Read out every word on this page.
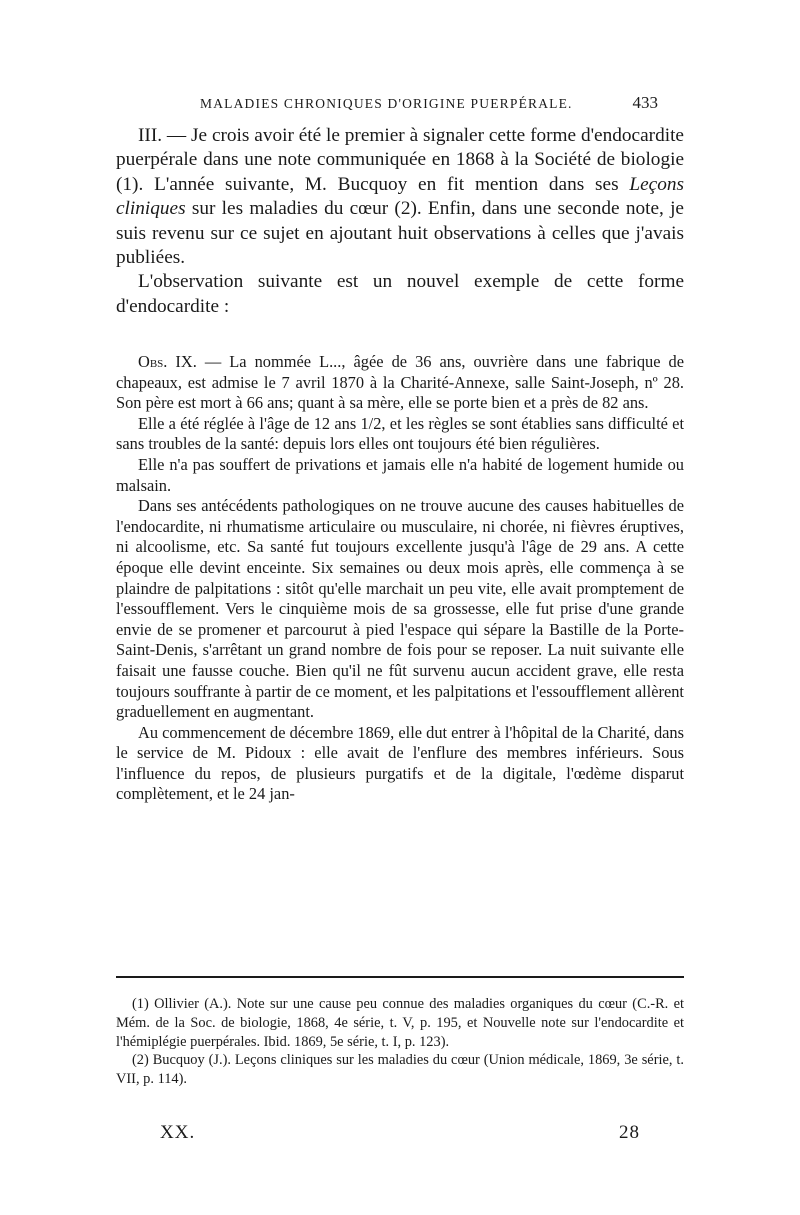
MALADIES CHRONIQUES D'ORIGINE PUERPÉRALE.	433

III. — Je crois avoir été le premier à signaler cette forme d'endocardite puerpérale dans une note communiquée en 1868 à la Société de biologie (1). L'année suivante, M. Bucquoy en fit mention dans ses Leçons cliniques sur les maladies du cœur (2). Enfin, dans une seconde note, je suis revenu sur ce sujet en ajoutant huit observations à celles que j'avais publiées.

L'observation suivante est un nouvel exemple de cette forme d'endocardite :

Obs. IX. — La nommée L..., âgée de 36 ans, ouvrière dans une fabrique de chapeaux, est admise le 7 avril 1870 à la Charité-Annexe, salle Saint-Joseph, nº 28. Son père est mort à 66 ans; quant à sa mère, elle se porte bien et a près de 82 ans.

Elle a été réglée à l'âge de 12 ans 1/2, et les règles se sont établies sans difficulté et sans troubles de la santé: depuis lors elles ont toujours été bien régulières.

Elle n'a pas souffert de privations et jamais elle n'a habité de logement humide ou malsain.

Dans ses antécédents pathologiques on ne trouve aucune des causes habituelles de l'endocardite, ni rhumatisme articulaire ou musculaire, ni chorée, ni fièvres éruptives, ni alcoolisme, etc. Sa santé fut toujours excellente jusqu'à l'âge de 29 ans. A cette époque elle devint enceinte. Six semaines ou deux mois après, elle commença à se plaindre de palpitations : sitôt qu'elle marchait un peu vite, elle avait promptement de l'essoufflement. Vers le cinquième mois de sa grossesse, elle fut prise d'une grande envie de se promener et parcourut à pied l'espace qui sépare la Bastille de la Porte-Saint-Denis, s'arrêtant un grand nombre de fois pour se reposer. La nuit suivante elle faisait une fausse couche. Bien qu'il ne fût survenu aucun accident grave, elle resta toujours souffrante à partir de ce moment, et les palpitations et l'essoufflement allèrent graduellement en augmentant.

Au commencement de décembre 1869, elle dut entrer à l'hôpital de la Charité, dans le service de M. Pidoux : elle avait de l'enflure des membres inférieurs. Sous l'influence du repos, de plusieurs purgatifs et de la digitale, l'œdème disparut complètement, et le 24 jan-

(1) Ollivier (A.). Note sur une cause peu connue des maladies organiques du cœur (C.-R. et Mém. de la Soc. de biologie, 1868, 4e série, t. V, p. 195, et Nouvelle note sur l'endocardite et l'hémiplégie puerpérales. Ibid. 1869, 5e série, t. I, p. 123).

(2) Bucquoy (J.). Leçons cliniques sur les maladies du cœur (Union médicale, 1869, 3e série, t. VII, p. 114).

XX.	28
